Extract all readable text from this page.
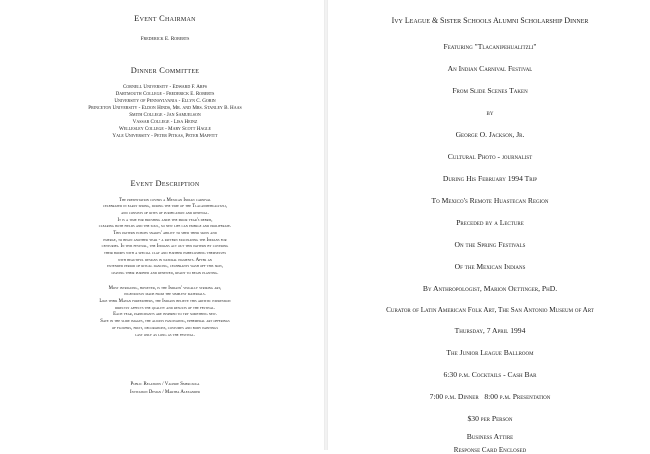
Event Chairman
Frederick E. Roberts
Dinner Committee
Cornell University - Edward F. Arps
Dartmouth College - Frederick E. Roberts
University of Pennsylvania - Ellyn C. Gorin
Princeton University - Eldon Hinds, Mr. and Mrs. Stanley B. Haas
Smith College - Jan Samuelson
Vassar College - Lisa Heinz
Wellesley College - Mary Scott Hagle
Yale University - Peter Pitkas, Peter Maffitt
Event Description
The presentation covers a Mexican Indian carnival
celebrated in early spring, during the time of the Tlacanipehualitzli,
and consists of rites of purification and renewal.
It is a time for brushing aside the prior year's debris,
clearing both fields and the soul, so new life can emerge and proliferate.
This pattern echoes snakes' ability to shed their skins and
emerge, to begin another year - a pattern fascinating the Indians for
centuries. In this festival, the Indians act out this pattern by covering
their bodies with a special clay and further embellishing themselves
with beautiful designs in natural pigments. After an
extended period of ritual dancing, celebrants wash off this skin,
leaving their purified and renewed, ready to begin planting.
Most intriguing, however, is the Indians' visually striking art,
ingeniously made from the simplest materials.
Like their Mayan forefathers, the Indians believe this artistic expression
directly affects the quality and results of the festival.
Each year, participants are inspired to try something new.
Save in the slide images, the always fascinating, ephemeral art offerings
of flowers, fruit, decorations, costumes and body paintings
last only as long as the festival.
Public Relations / Valerie Smerczola
Invitation Design / Martha Alexander
Ivy League & Sister Schools Alumni Scholarship Dinner
Featuring "Tlacanipehualitzli"
An Indian Carnival Festival
From Slide Scenes Taken
by
George O. Jackson, Jr.
Cultural Photo - journalist
During His February 1994 Trip
To Mexico's Remote Huastecan Region
Preceded by a Lecture
On the Spring Festivals
Of the Mexican Indians
By Anthropologist, Marion Oettinger, PhD.
Curator of Latin American Folk Art, The San Antonio Museum of Art
Thursday, 7 April 1994
The Junior League Ballroom
6:30 p.m. Cocktails - Cash Bar
7:00 p.m. Dinner   8:00 p.m. Presentation
$30 per Person
Business Attire
Response Card Enclosed
